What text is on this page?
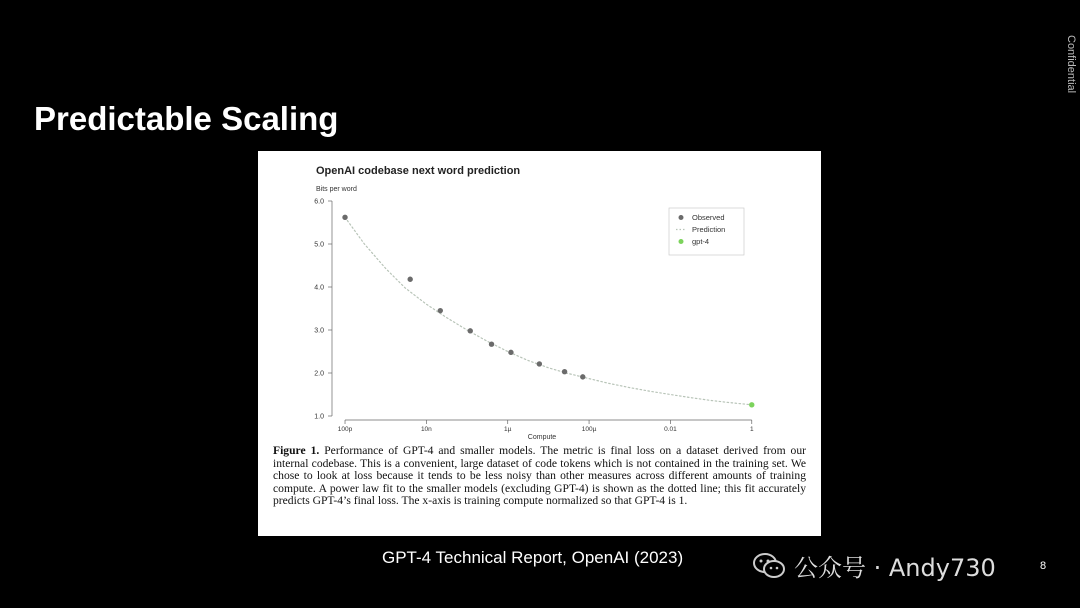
Predictable Scaling
Confidential
OpenAI codebase next word prediction
Bits per word
1.0
2.0
3.0
4.0
5.0
6.0
100p	10n	1µ	100µ	0.01	1
Compute
Observed
Prediction
gpt-4
Figure 1. Performance of GPT-4 and smaller models. The metric is final loss on a dataset derived from our internal codebase. This is a convenient, large dataset of code tokens which is not contained in the training set. We chose to look at loss because it tends to be less noisy than other measures across different amounts of training compute. A power law fit to the smaller models (excluding GPT-4) is shown as the dotted line; this fit accurately predicts GPT-4’s final loss. The x-axis is training compute normalized so that GPT-4 is 1.
GPT-4 Technical Report, OpenAI (2023)	公众号 · Andy730	8
